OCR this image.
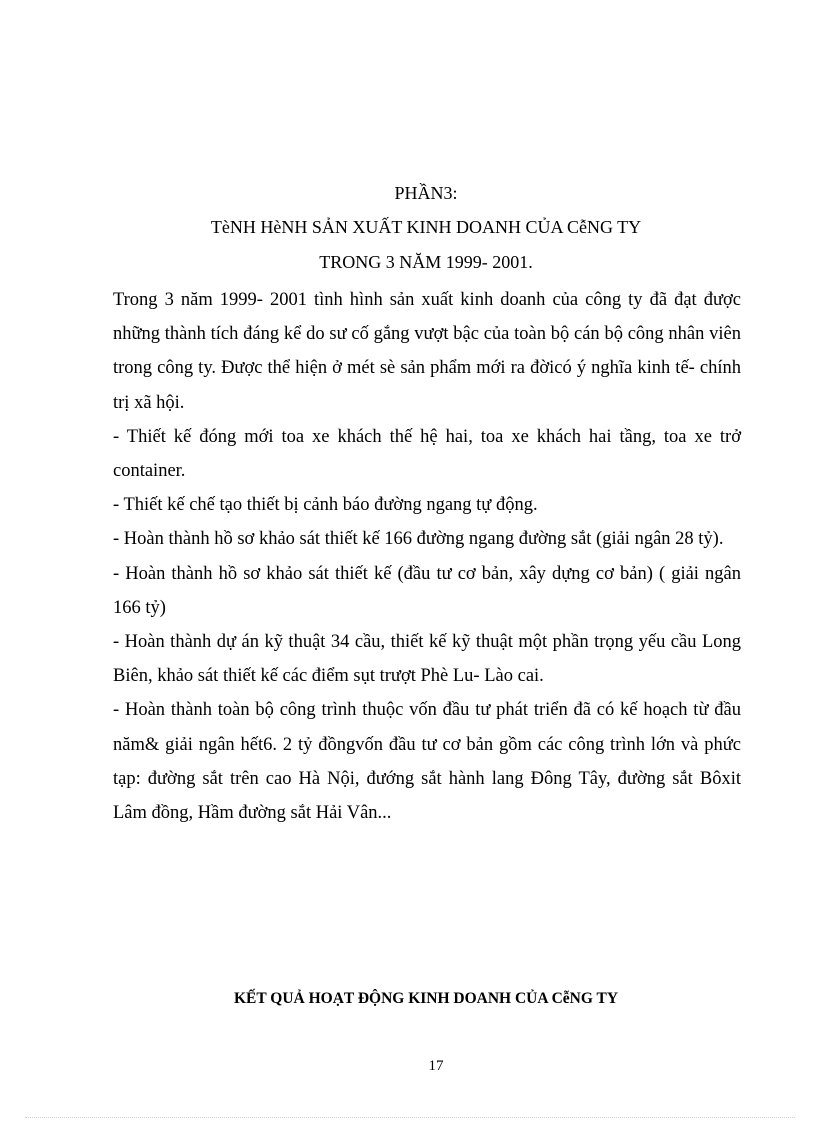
PHẦN3:

TèNH HèNH SẢN XUẤT KINH DOANH CỦA CễNG TY

TRONG 3 NĂM 1999- 2001.

Trong 3 năm 1999- 2001 tình hình sản xuất kinh doanh của công ty đã đạt được những thành tích đáng kể do sư cố gắng vượt bậc của toàn bộ cán bộ công nhân viên trong công ty. Được thể hiện ở mét sè sản phẩm mới ra đờicó ý nghĩa kinh tế- chính trị xã hội.

- Thiết kế đóng mới toa xe khách thế hệ hai, toa xe khách hai tầng, toa xe trở container.

- Thiết kế chế tạo thiết bị cảnh báo đường ngang tự động.

- Hoàn thành hồ sơ khảo sát thiết kế 166 đường ngang đường sắt (giải ngân 28 tỷ).

- Hoàn thành hồ sơ khảo sát thiết kế (đầu tư cơ bản, xây dựng cơ bản) ( giải ngân 166 tỷ)

- Hoàn thành dự án kỹ thuật 34 cầu, thiết kế kỹ thuật một phần trọng yếu cầu Long Biên, khảo sát thiết kế các điểm sụt trượt Phè Lu- Lào cai.

- Hoàn thành toàn bộ công trình thuộc vốn đầu tư phát triển đã có kế hoạch từ đầu năm& giải ngân hết6. 2 tỷ đồngvốn đầu tư cơ bản gồm các công trình lớn và phức tạp: đường sắt trên cao Hà Nội, đướng sắt hành lang Đông Tây, đường sắt Bôxit Lâm đồng, Hầm đường sắt Hải Vân...

KẾT QUẢ HOẠT ĐỘNG KINH DOANH CỦA CễNG TY

17
